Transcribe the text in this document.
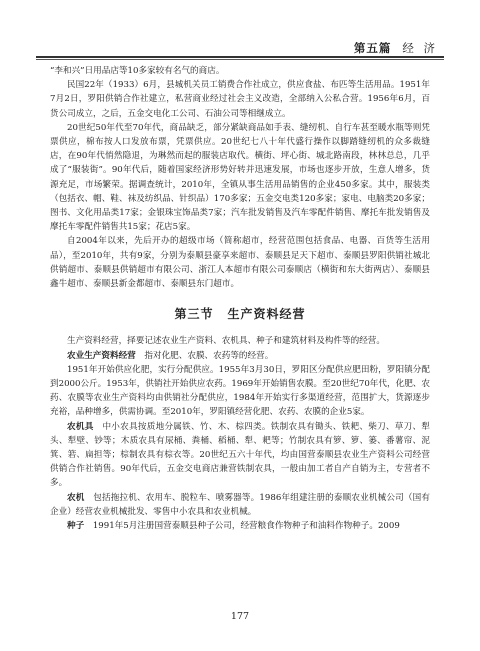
第五篇 经 济

“李和兴”日用品店等10多家较有名气的商店。

民国22年（1933）6月，县城机关员工销费合作社成立，供应食盐、布匹等生活用品。1951年7月2日，罗阳供销合作社建立，私营商业经过社会主义改造，全部纳入公私合营。1956年6月，百货公司成立，之后，五金交电化工公司、石油公司等相继成立。

20世纪50年代至70年代，商品缺乏，部分紧缺商品如手表、缝纫机、自行车甚至暖水瓶等则凭票供应，棉布按人口发放布票，凭票供应。20世纪七八十年代盛行操作以脚踏缝纫机的众多裁缝店，在90年代悄然隐退，为琳然而起的服装店取代。横街、坪心街、城北路南段，林林总总，几乎成了“服装街”。90年代后，随着国家经济形势好转并迅速发展，市场也逐步开放，生意人增多，货源充足，市场繁荣。据调查统计，2010年，全镇从事生活用品销售的企业450多家。其中，服装类（包括衣、帽、鞋、袜及纺织品、针织品）170多家；五金交电类120多家；家电、电脑类20多家；图书、文化用品类17家；金银珠宝饰品类7家；汽车批发销售及汽车零配件销售、摩托车批发销售及摩托车零配件销售共15家；花店5家。

自2004年以来，先后开办的超级市场（简称超市，经营范围包括食品、电器、百货等生活用品），至2010年，共有9家，分别为泰顺县豪享来超市、泰顺县足天下超市、泰顺县罗阳供销社城北供销超市、泰顺县供销超市有限公司、浙江人本超市有限公司泰顺店（横街和东大街两店）、泰顺县鑫牛超市、泰顺县新金都超市、泰顺县东门超市。

第三节 生产资料经营

生产资料经营，择要记述农业生产资料、农机具、种子和建筑材料及构件等的经营。

农业生产资料经营　 指对化肥、农膜、农药等的经营。

1951年开始供应化肥，实行分配供应。1955年3月30日，罗阳区分配供应肥田粉，罗阳镇分配到2000公斤。1953年，供销社开始供应农药。1969年开始销售农膜。至20世纪70年代，化肥、农药、农膜等农业生产资料均由供销社分配供应，1984年开始实行多渠道经营，范围扩大，货源逐步充裕，品种增多，供需协调。至2010年，罗阳镇经营化肥、农药、农膜的企业5家。

农机具　 中小农具按质地分属铁、竹、木、棕四类。铁制农具有锄头、铁耙、柴刀、草刀、犁头、犁壁、钞等；木质农具有尿桶、粪桶、稻桶、犁、耙等；竹制农具有箩、箩、篓、番薯帘、泥箕、箬、扁担等；棕制农具有棕衣等。20世纪五六十年代，均由国营泰顺县农业生产资料公司经营供销合作社销售。90年代后，五金交电商店兼营铁制农具，一般由加工者自产自销为主，专营者不多。

农机　 包括拖拉机、农用车、脱粒车、喷雾器等。1986年组建注册的泰顺农业机械公司（国有企业）经营农业机械批发、零售中小农具和农业机械。

种子　 1991年5月注册国营泰顺县种子公司，经营粮食作物种子和油料作物种子。2009

177
